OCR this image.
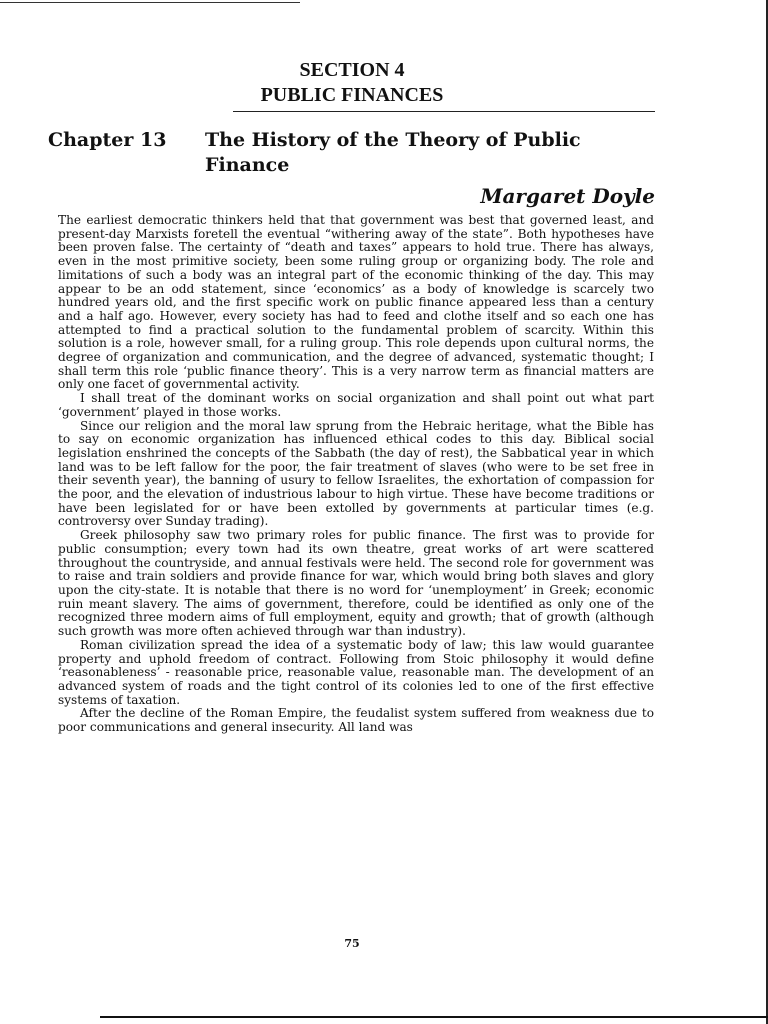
SECTION 4
PUBLIC FINANCES
Chapter 13 The History of the Theory of Public Finance
Margaret Doyle

The earliest democratic thinkers held that that government was best that governed least, and present-day Marxists foretell the eventual “withering away of the state”. Both hypotheses have been proven false. The certainty of “death and taxes” appears to hold true. There has always, even in the most primitive society, been some ruling group or organizing body. The role and limitations of such a body was an integral part of the economic thinking of the day. This may appear to be an odd statement, since ‘economics’ as a body of knowledge is scarcely two hundred years old, and the first specific work on public finance appeared less than a century and a half ago. However, every society has had to feed and clothe itself and so each one has attempted to find a practical solution to the fundamental problem of scarcity. Within this solution is a role, however small, for a ruling group. This role depends upon cultural norms, the degree of organization and communication, and the degree of advanced, systematic thought; I shall term this role ‘public finance theory’. This is a very narrow term as financial matters are only one facet of governmental activity.

I shall treat of the dominant works on social organization and shall point out what part ‘government’ played in those works.

Since our religion and the moral law sprung from the Hebraic heritage, what the Bible has to say on economic organization has influenced ethical codes to this day. Biblical social legislation enshrined the concepts of the Sabbath (the day of rest), the Sabbatical year in which land was to be left fallow for the poor, the fair treatment of slaves (who were to be set free in their seventh year), the banning of usury to fellow Israelites, the exhortation of compassion for the poor, and the elevation of industrious labour to high virtue. These have become traditions or have been legislated for or have been extolled by governments at particular times (e.g. controversy over Sunday trading).

Greek philosophy saw two primary roles for public finance. The first was to provide for public consumption; every town had its own theatre, great works of art were scattered throughout the countryside, and annual festivals were held. The second role for government was to raise and train soldiers and provide finance for war, which would bring both slaves and glory upon the city-state. It is notable that there is no word for ‘unemployment’ in Greek; economic ruin meant slavery. The aims of government, therefore, could be identified as only one of the recognized three modern aims of full employment, equity and growth; that of growth (although such growth was more often achieved through war than industry).

Roman civilization spread the idea of a systematic body of law; this law would guarantee property and uphold freedom of contract. Following from Stoic philosophy it would define ‘reasonableness’ - reasonable price, reasonable value, reasonable man. The development of an advanced system of roads and the tight control of its colonies led to one of the first effective systems of taxation.

After the decline of the Roman Empire, the feudalist system suffered from weakness due to poor communications and general insecurity. All land was

75
